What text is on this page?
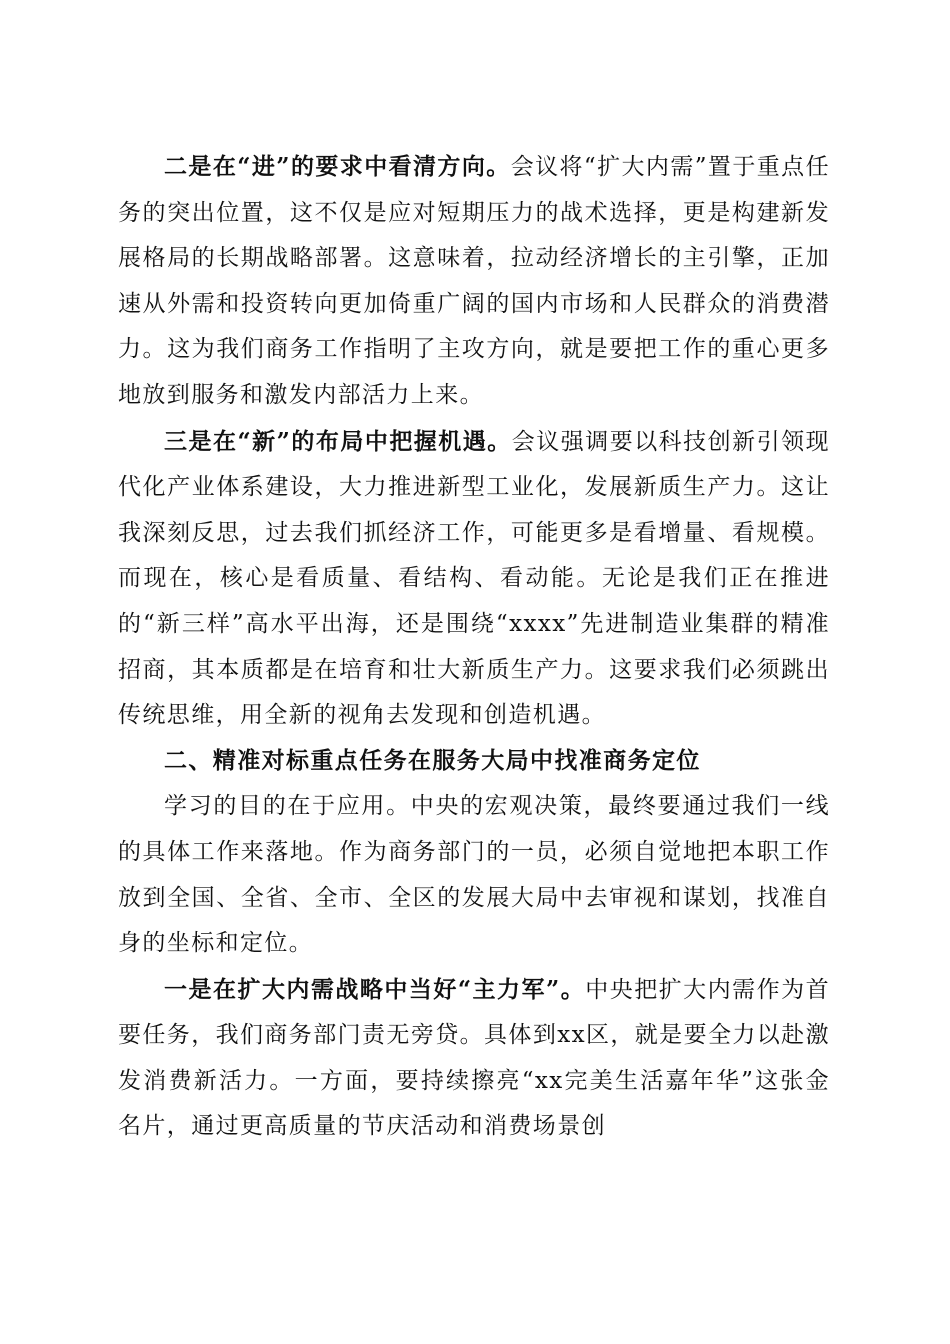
二是在“进”的要求中看清方向。会议将“扩大内需”置于重点任务的突出位置，这不仅是应对短期压力的战术选择，更是构建新发展格局的长期战略部署。这意味着，拉动经济增长的主引擎，正加速从外需和投资转向更加倚重广阔的国内市场和人民群众的消费潜力。这为我们商务工作指明了主攻方向，就是要把工作的重心更多地放到服务和激发内部活力上来。

三是在“新”的布局中把握机遇。会议强调要以科技创新引领现代化产业体系建设，大力推进新型工业化，发展新质生产力。这让我深刻反思，过去我们抓经济工作，可能更多是看增量、看规模。而现在，核心是看质量、看结构、看动能。无论是我们正在推进的“新三样”高水平出海，还是围绕“xxxx”先进制造业集群的精准招商，其本质都是在培育和壮大新质生产力。这要求我们必须跳出传统思维，用全新的视角去发现和创造机遇。

二、精准对标重点任务在服务大局中找准商务定位

学习的目的在于应用。中央的宏观决策，最终要通过我们一线的具体工作来落地。作为商务部门的一员，必须自觉地把本职工作放到全国、全省、全市、全区的发展大局中去审视和谋划，找准自身的坐标和定位。

一是在扩大内需战略中当好“主力军”。中央把扩大内需作为首要任务，我们商务部门责无旁贷。具体到xx区，就是要全力以赴激发消费新活力。一方面，要持续擦亮“xx完美生活嘉年华”这张金名片，通过更高质量的节庆活动和消费场景创
